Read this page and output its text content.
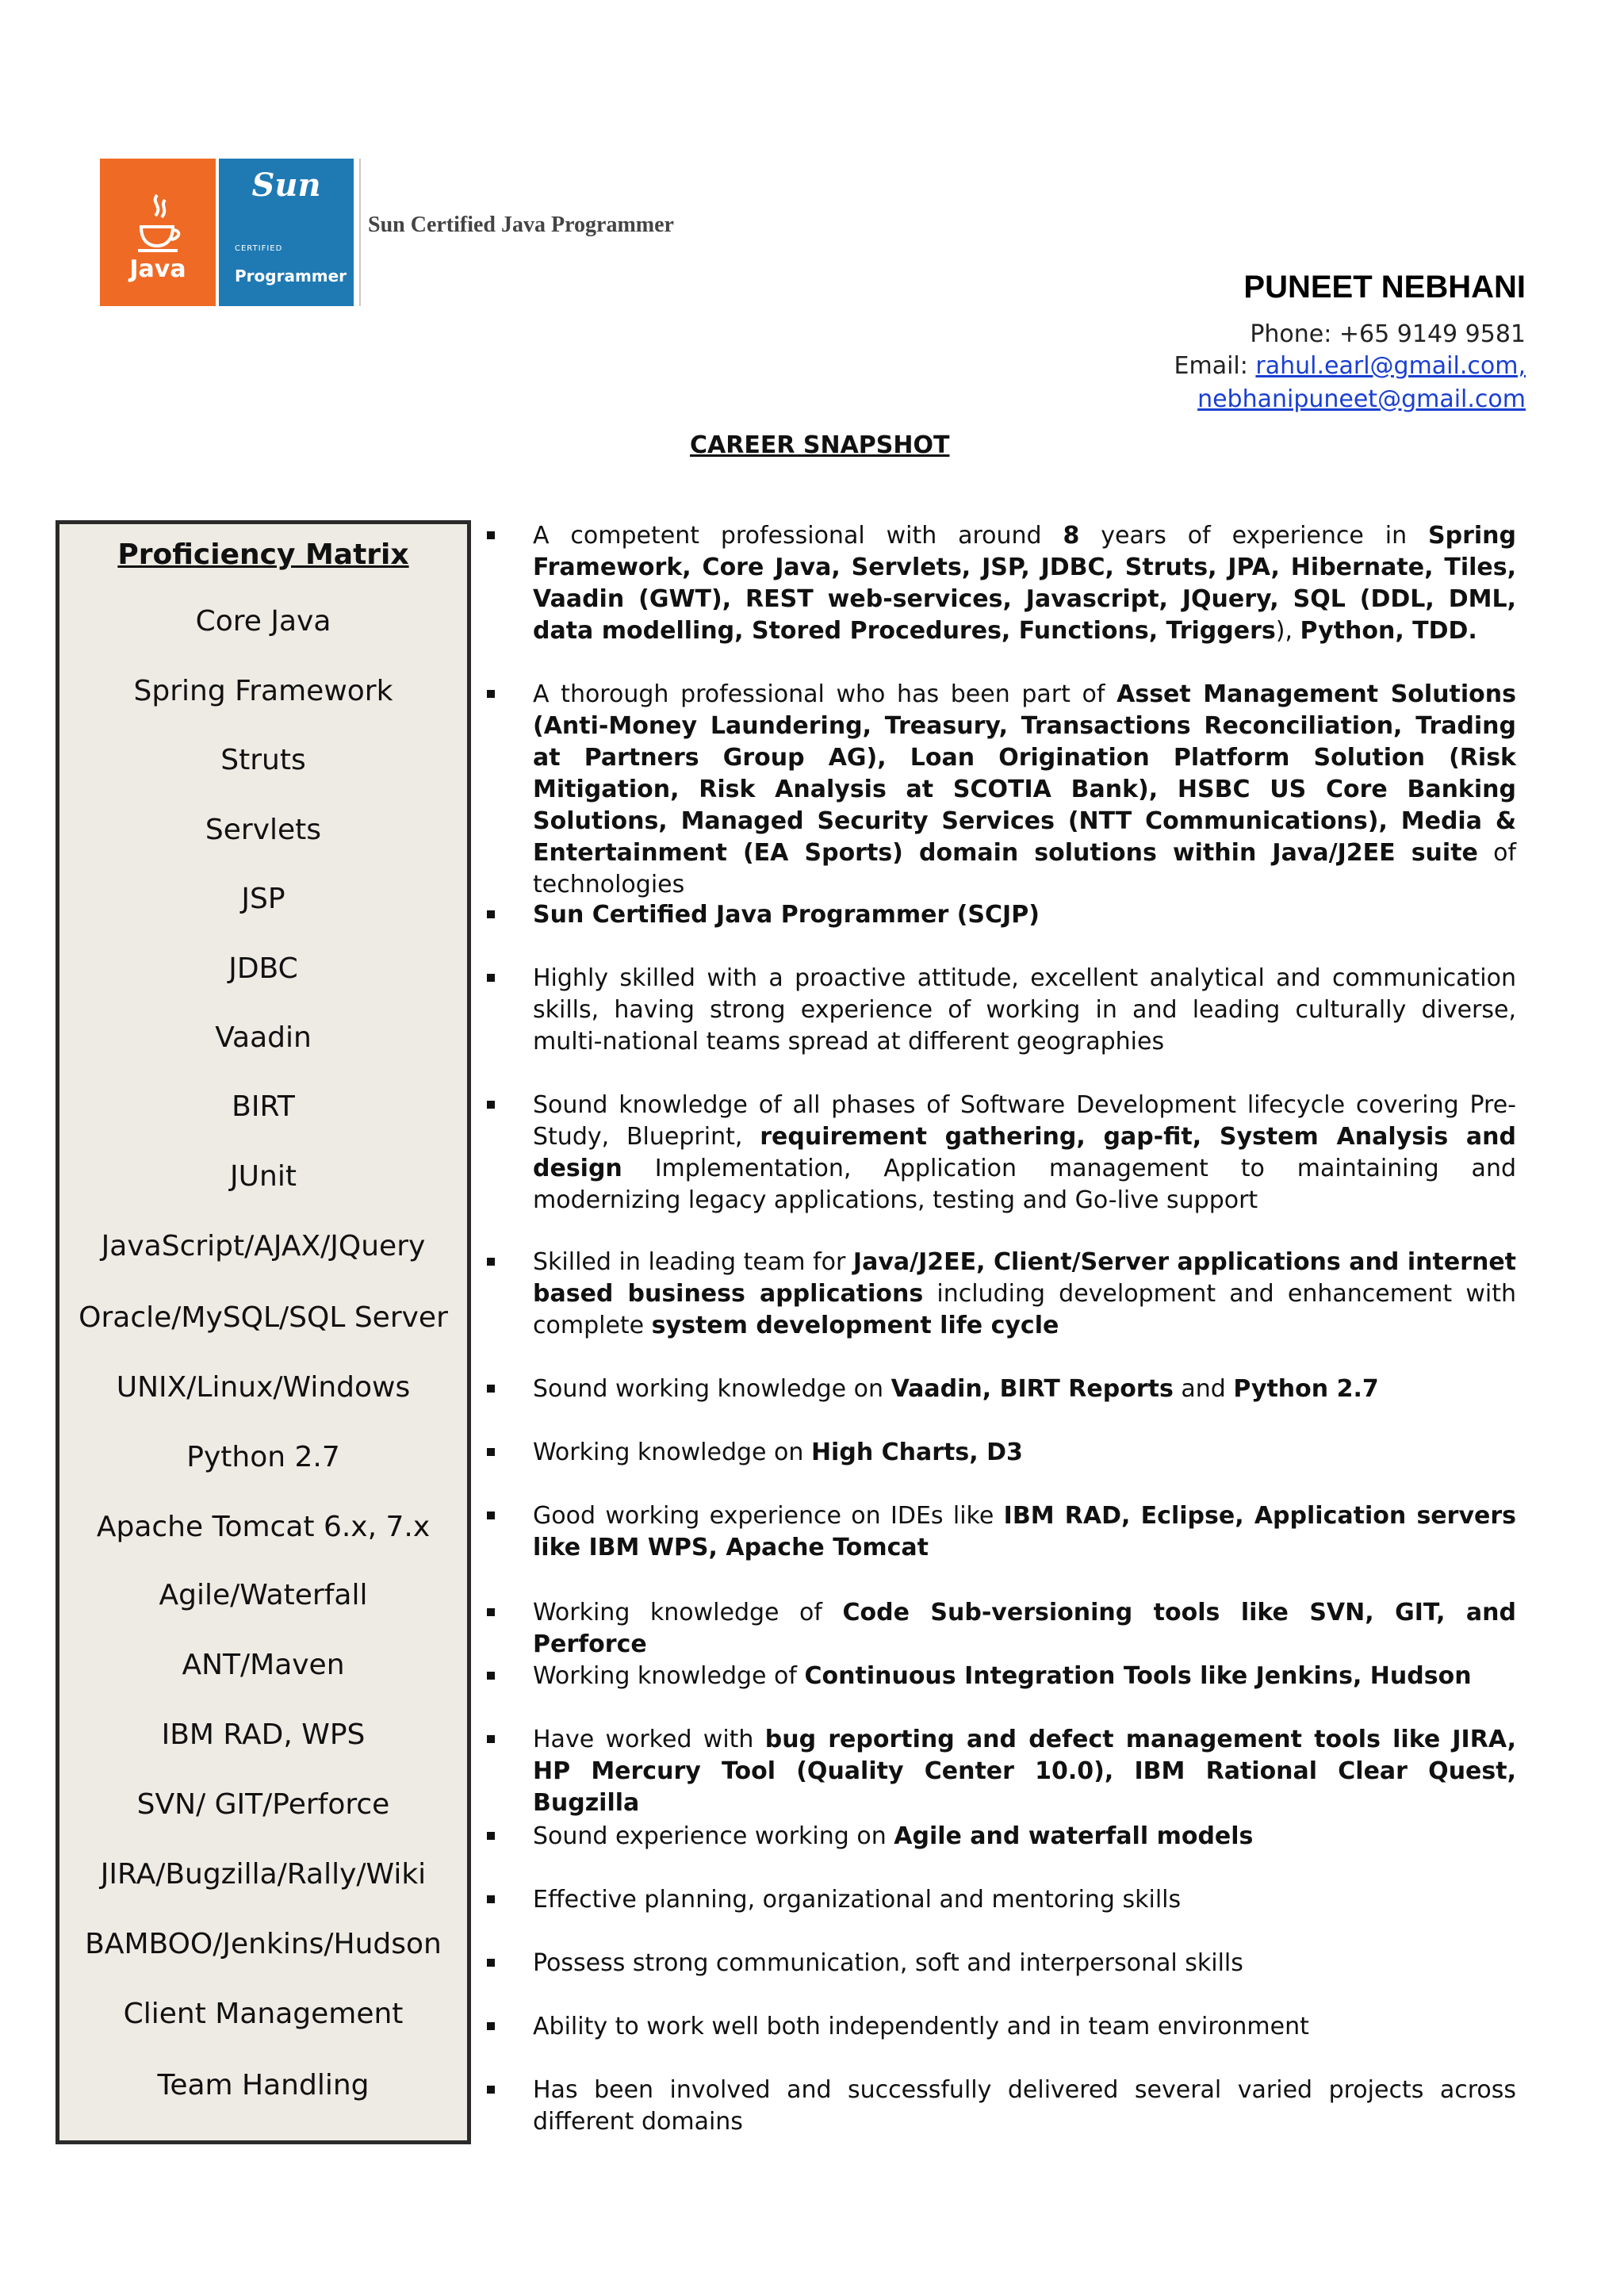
Java
Sun
CERTIFIED
Programmer
Sun Certified Java Programmer
PUNEET NEBHANI
Phone: +65 9149 9581
Email: rahul.earl@gmail.com,
nebhanipuneet@gmail.com
CAREER SNAPSHOT
Proficiency Matrix
Core Java
Spring Framework
Struts
Servlets
JSP
JDBC
Vaadin
BIRT
JUnit
JavaScript/AJAX/JQuery
Oracle/MySQL/SQL Server
UNIX/Linux/Windows
Python 2.7
Apache Tomcat 6.x, 7.x
Agile/Waterfall
ANT/Maven
IBM RAD, WPS
SVN/ GIT/Perforce
JIRA/Bugzilla/Rally/Wiki
BAMBOO/Jenkins/Hudson
Client Management
Team Handling
A competent professional with around 8 years of experience in Spring Framework, Core Java, Servlets, JSP, JDBC, Struts, JPA, Hibernate, Tiles, Vaadin (GWT), REST web-services, Javascript, JQuery, SQL (DDL, DML, data modelling, Stored Procedures, Functions, Triggers), Python, TDD.
A thorough professional who has been part of Asset Management Solutions (Anti-Money Laundering, Treasury, Transactions Reconciliation, Trading at Partners Group AG), Loan Origination Platform Solution (Risk Mitigation, Risk Analysis at SCOTIA Bank), HSBC US Core Banking Solutions, Managed Security Services (NTT Communications), Media & Entertainment (EA Sports) domain solutions within Java/J2EE suite of technologies
Sun Certified Java Programmer (SCJP)
Highly skilled with a proactive attitude, excellent analytical and communication skills, having strong experience of working in and leading culturally diverse, multi-national teams spread at different geographies
Sound knowledge of all phases of Software Development lifecycle covering Pre-Study, Blueprint, requirement gathering, gap-fit, System Analysis and design Implementation, Application management to maintaining and modernizing legacy applications, testing and Go-live support
Skilled in leading team for Java/J2EE, Client/Server applications and internet based business applications including development and enhancement with complete system development life cycle
Sound working knowledge on Vaadin, BIRT Reports and Python 2.7
Working knowledge on High Charts, D3
Good working experience on IDEs like IBM RAD, Eclipse, Application servers like IBM WPS, Apache Tomcat
Working knowledge of Code Sub-versioning tools like SVN, GIT, and Perforce
Working knowledge of Continuous Integration Tools like Jenkins, Hudson
Have worked with bug reporting and defect management tools like JIRA, HP Mercury Tool (Quality Center 10.0), IBM Rational Clear Quest, Bugzilla
Sound experience working on Agile and waterfall models
Effective planning, organizational and mentoring skills
Possess strong communication, soft and interpersonal skills
Ability to work well both independently and in team environment
Has been involved and successfully delivered several varied projects across different domains
